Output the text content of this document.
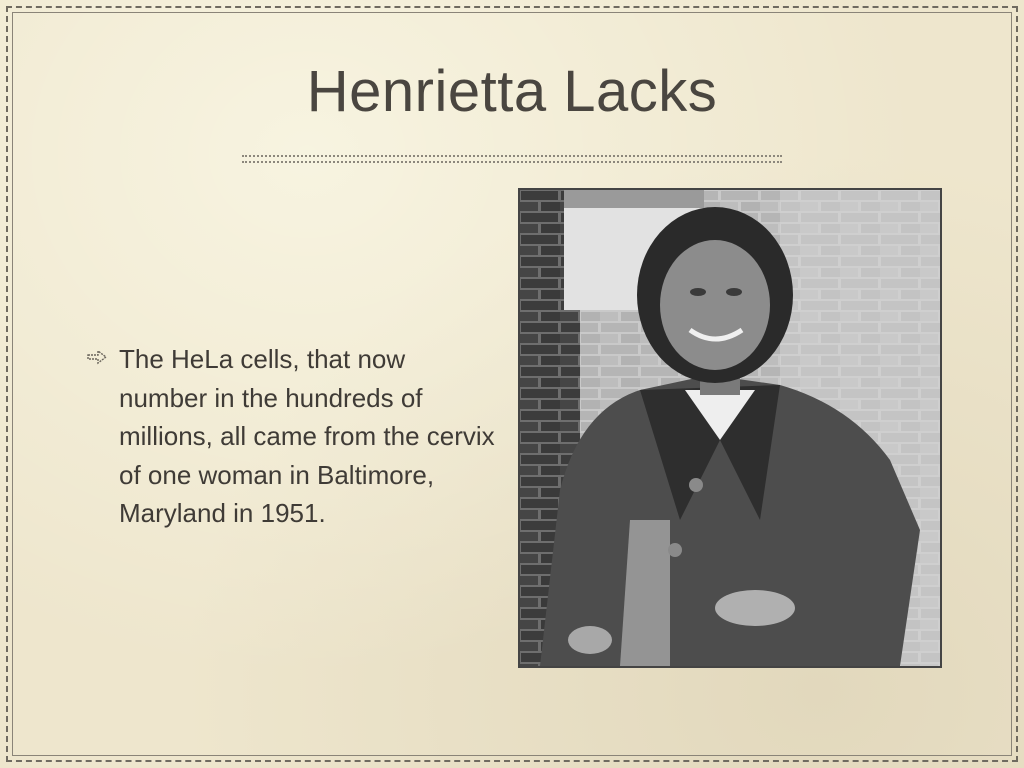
Henrietta Lacks
The HeLa cells, that now number in the hundreds of millions, all came from the cervix of one woman in Baltimore, Maryland in 1951.
